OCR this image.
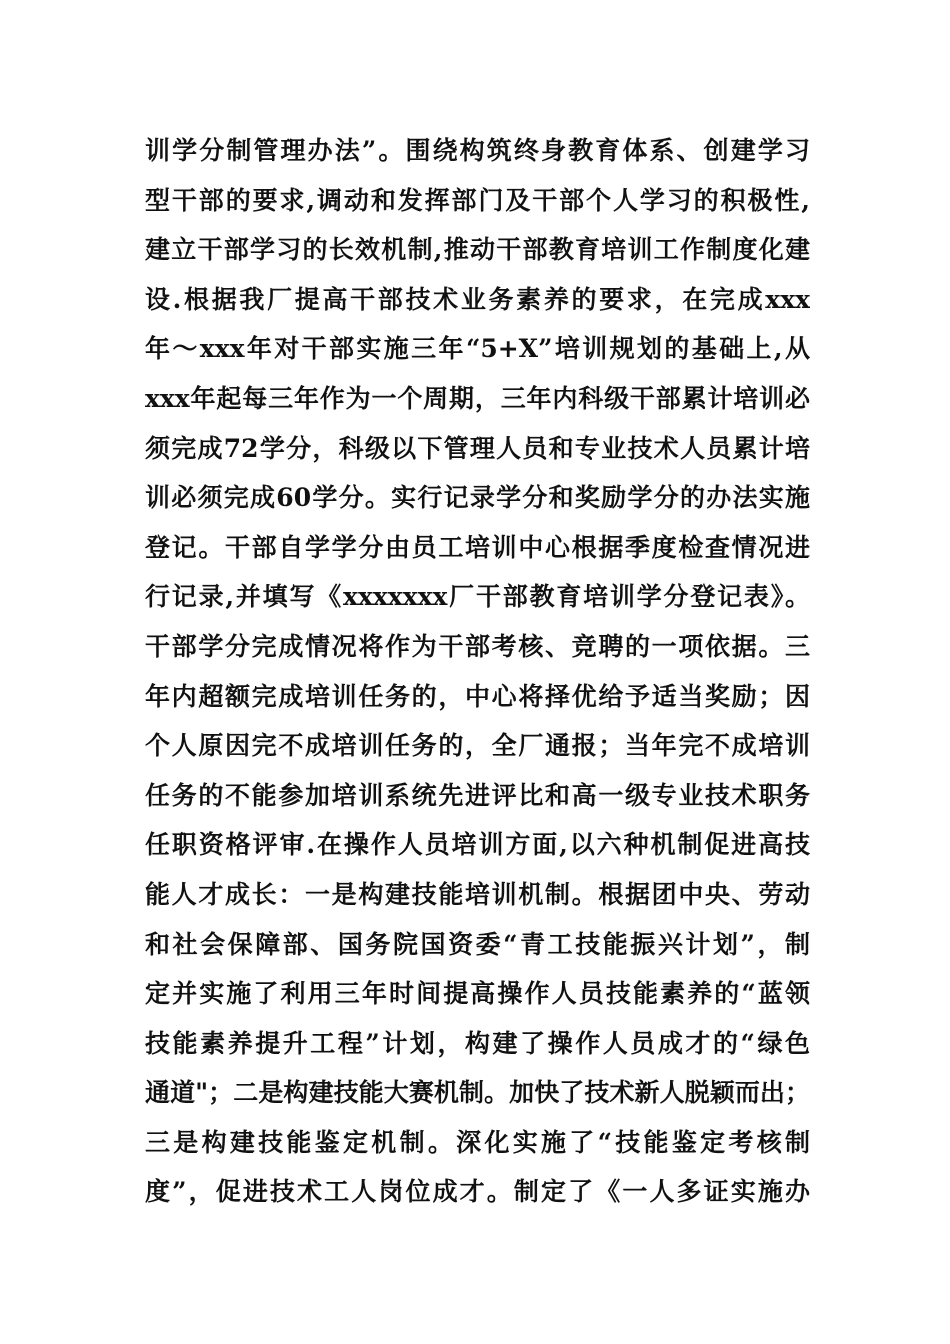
训学分制管理办法”。围绕构筑终身教育体系、创建学习
型干部的要求,调动和发挥部门及干部个人学习的积极性,
建立干部学习的长效机制,推动干部教育培训工作制度化建
设.根据我厂提高干部技术业务素养的要求，在完成xxx
年～xxx年对干部实施三年“5+X”培训规划的基础上,从
xxx年起每三年作为一个周期，三年内科级干部累计培训必
须完成72学分，科级以下管理人员和专业技术人员累计培
训必须完成60学分。实行记录学分和奖励学分的办法实施
登记。干部自学学分由员工培训中心根据季度检查情况进
行记录,并填写《xxxxxxx厂干部教育培训学分登记表》。
干部学分完成情况将作为干部考核、竞聘的一项依据。三
年内超额完成培训任务的，中心将择优给予适当奖励；因
个人原因完不成培训任务的，全厂通报；当年完不成培训
任务的不能参加培训系统先进评比和高一级专业技术职务
任职资格评审.在操作人员培训方面,以六种机制促进高技
能人才成长：一是构建技能培训机制。根据团中央、劳动
和社会保障部、国务院国资委“青工技能振兴计划”，制
定并实施了利用三年时间提高操作人员技能素养的“蓝领
技能素养提升工程”计划，构建了操作人员成才的“绿色
通道"；二是构建技能大赛机制。加快了技术新人脱颖而出；
三是构建技能鉴定机制。深化实施了“技能鉴定考核制
度”，促进技术工人岗位成才。制定了《一人多证实施办
